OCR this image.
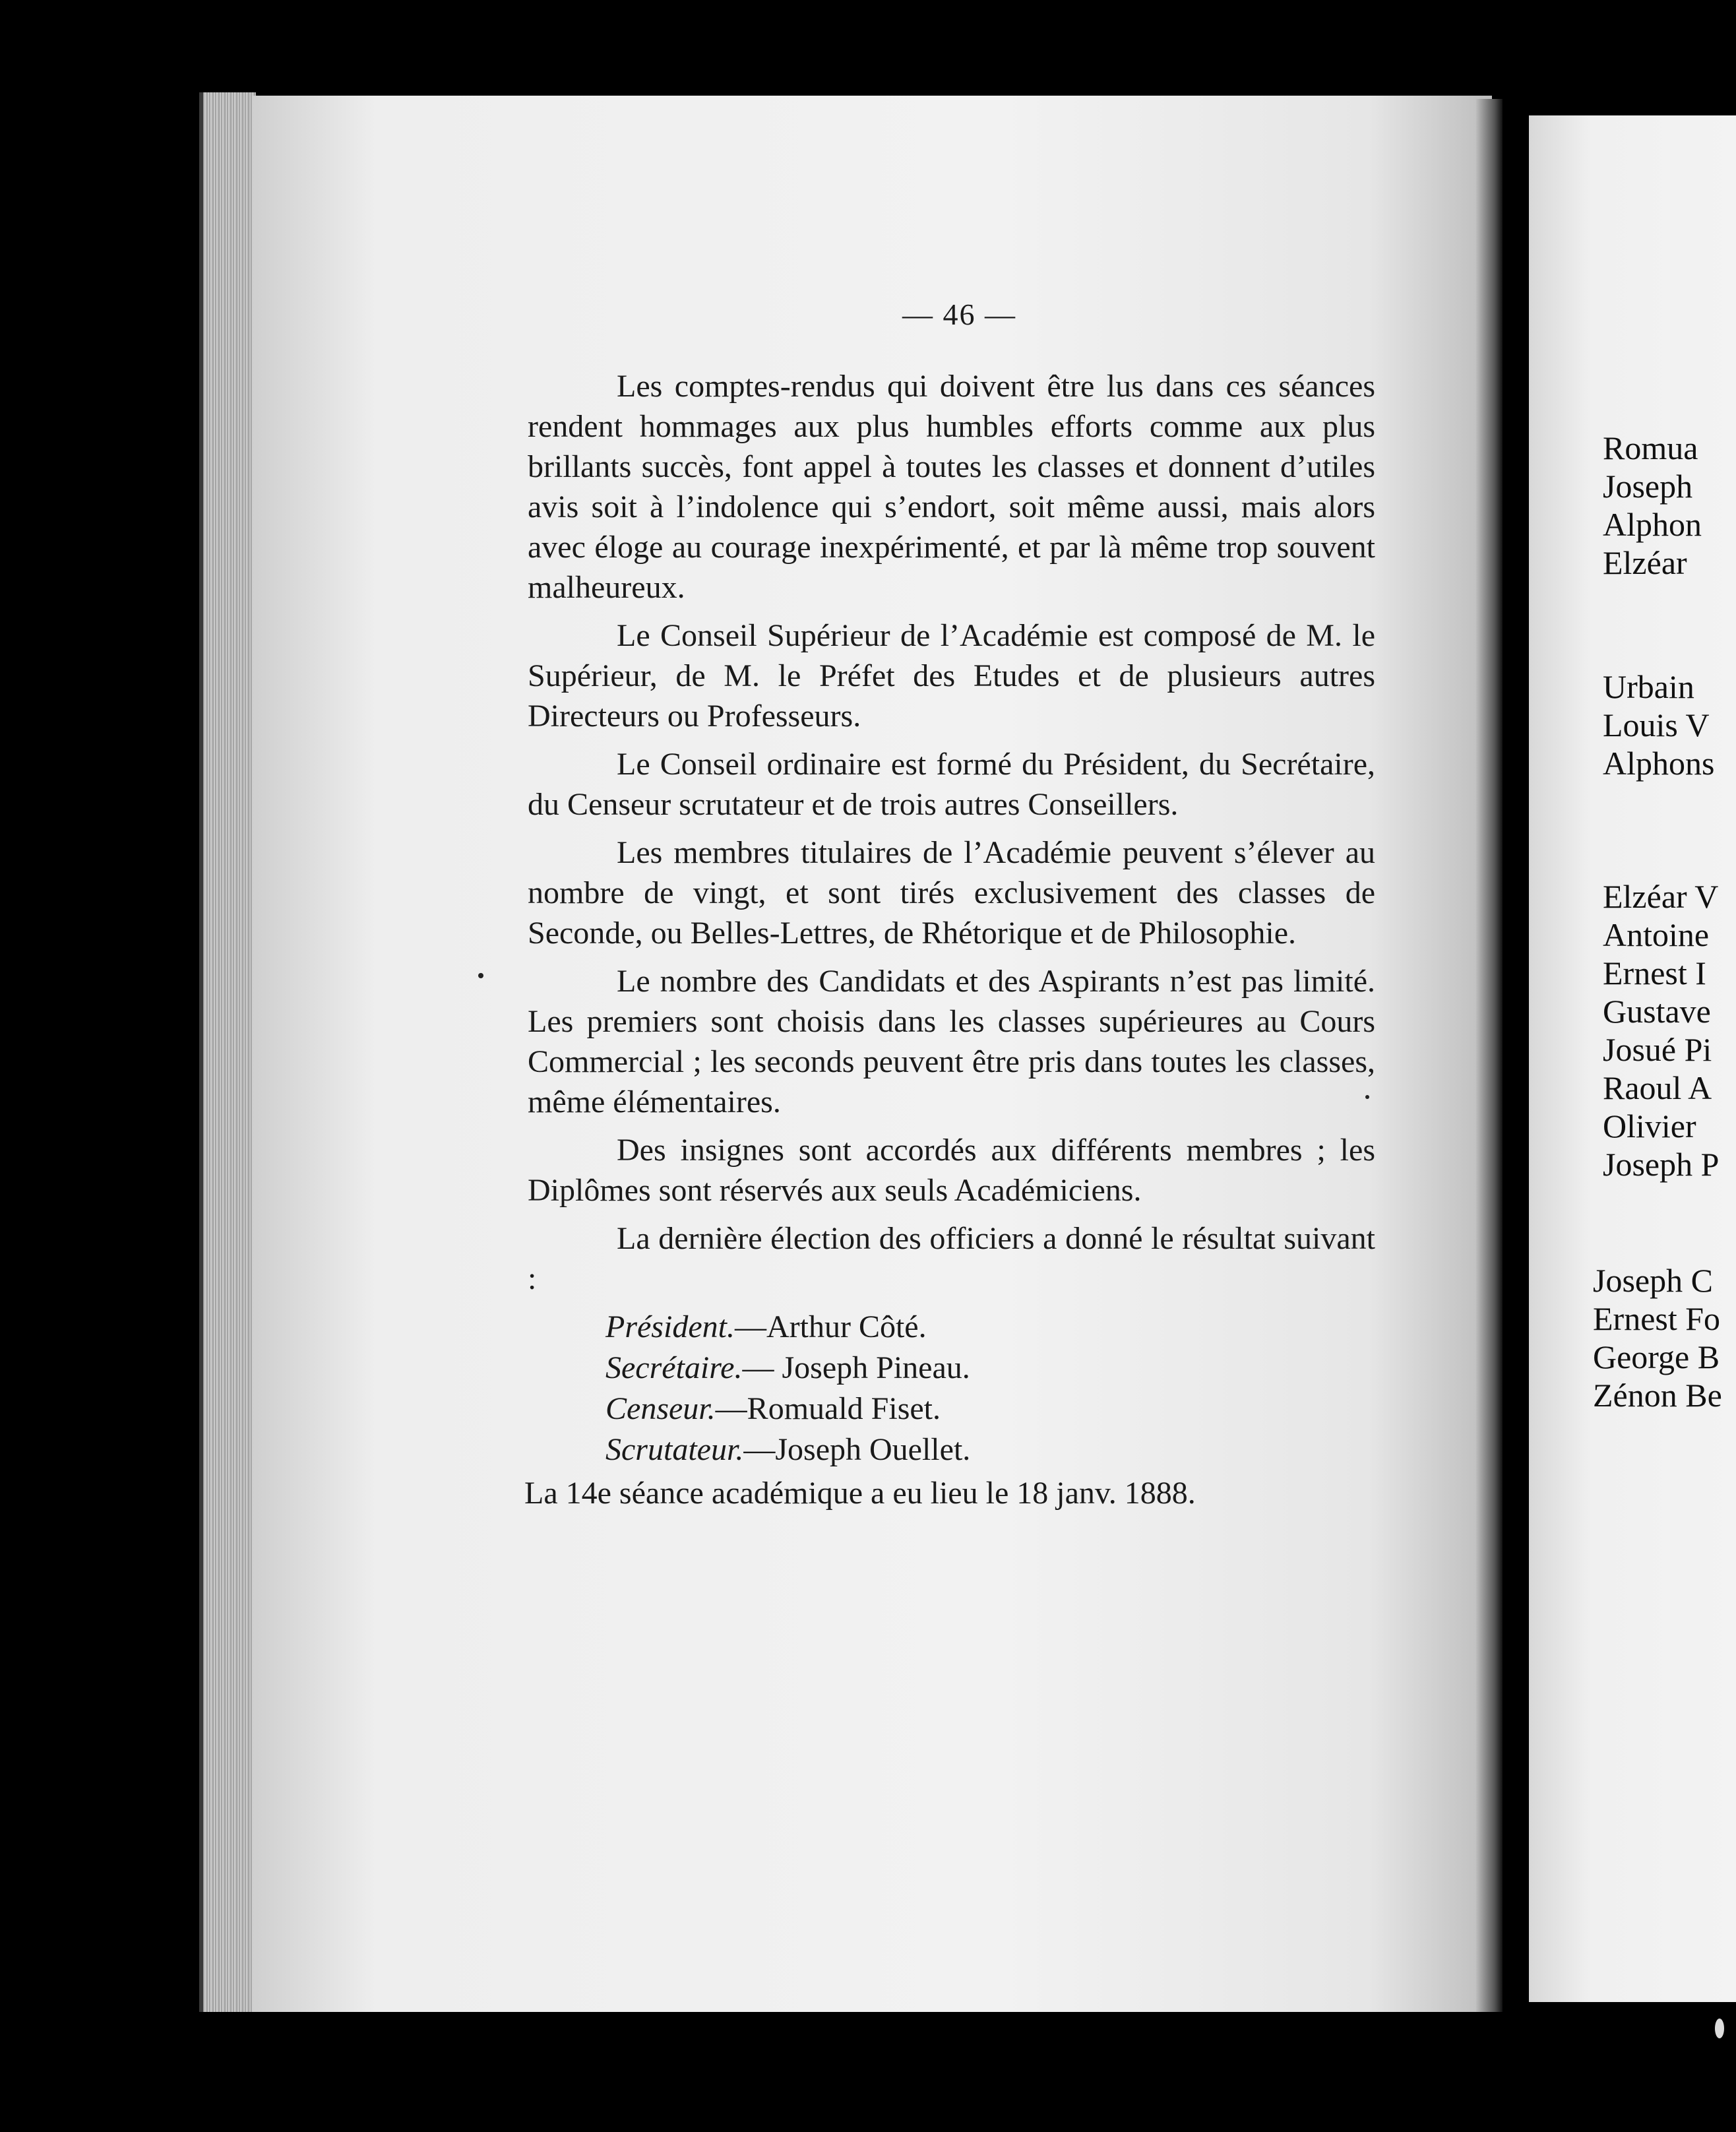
— 46 —

Les comptes-rendus qui doivent être lus dans ces séances rendent hommages aux plus humbles efforts comme aux plus brillants succès, font appel à toutes les classes et donnent d’utiles avis soit à l’indolence qui s’endort, soit même aussi, mais alors avec éloge au courage inexpérimenté, et par là même trop souvent malheureux.

Le Conseil Supérieur de l’Académie est composé de M. le Supérieur, de M. le Préfet des Etudes et de plusieurs autres Directeurs ou Professeurs.

Le Conseil ordinaire est formé du Président, du Secrétaire, du Censeur scrutateur et de trois autres Conseillers.

Les membres titulaires de l’Académie peuvent s’élever au nombre de vingt, et sont tirés exclusivement des classes de Seconde, ou Belles-Lettres, de Rhétorique et de Philosophie.

Le nombre des Candidats et des Aspirants n’est pas limité. Les premiers sont choisis dans les classes supérieures au Cours Commercial ; les seconds peuvent être pris dans toutes les classes, même élémentaires.

Des insignes sont accordés aux différents membres ; les Diplômes sont réservés aux seuls Académiciens.

La dernière élection des officiers a donné le résultat suivant :

Président.—Arthur Côté.

Secrétaire.— Joseph Pineau.

Censeur.—Romuald Fiset.

Scrutateur.—Joseph Ouellet.

La 14e séance académique a eu lieu le 18 janv. 1888.

Romua
Joseph
Alphon
Elzéar
Urbain
Louis V
Alphons
Elzéar V
Antoine
Ernest I
Gustave
Josué Pi
Raoul A
Olivier
Joseph P
Joseph C
Ernest Fo
George B
Zénon Be
